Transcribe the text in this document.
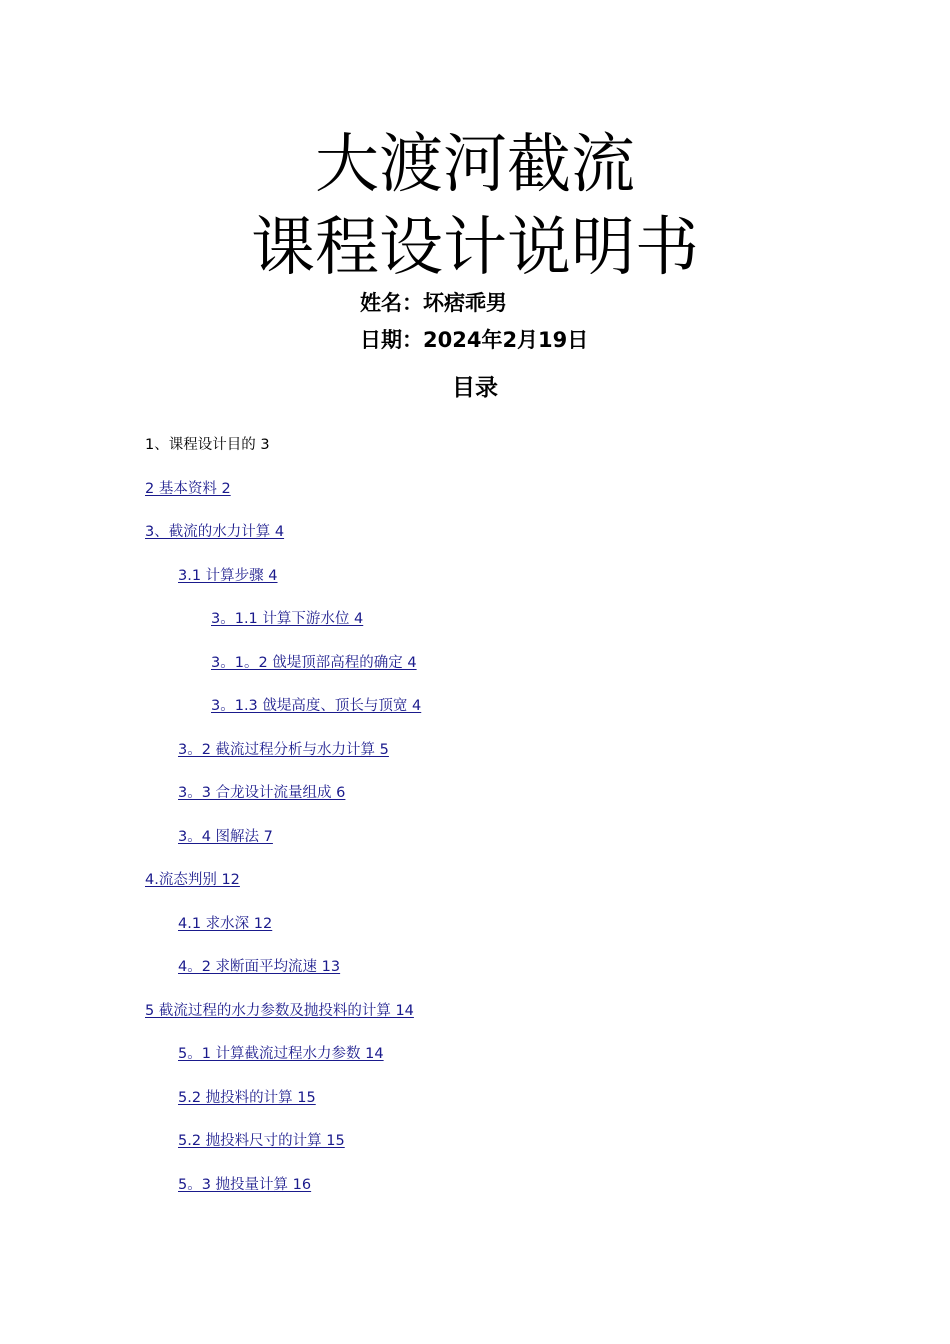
大渡河截流
课程设计说明书
姓名：坏痞乖男
日期：2024年2月19日
目录
1、课程设计目的 3
2 基本资料 2
3、截流的水力计算 4
3.1 计算步骤 4
3。1.1 计算下游水位 4
3。1。2 戗堤顶部高程的确定 4
3。1.3 戗堤高度、顶长与顶宽 4
3。2 截流过程分析与水力计算 5
3。3 合龙设计流量组成 6
3。4 图解法 7
4.流态判别 12
4.1 求水深 12
4。2 求断面平均流速 13
5 截流过程的水力参数及抛投料的计算 14
5。1 计算截流过程水力参数 14
5.2 抛投料的计算 15
5.2 抛投料尺寸的计算 15
5。3 抛投量计算 16
